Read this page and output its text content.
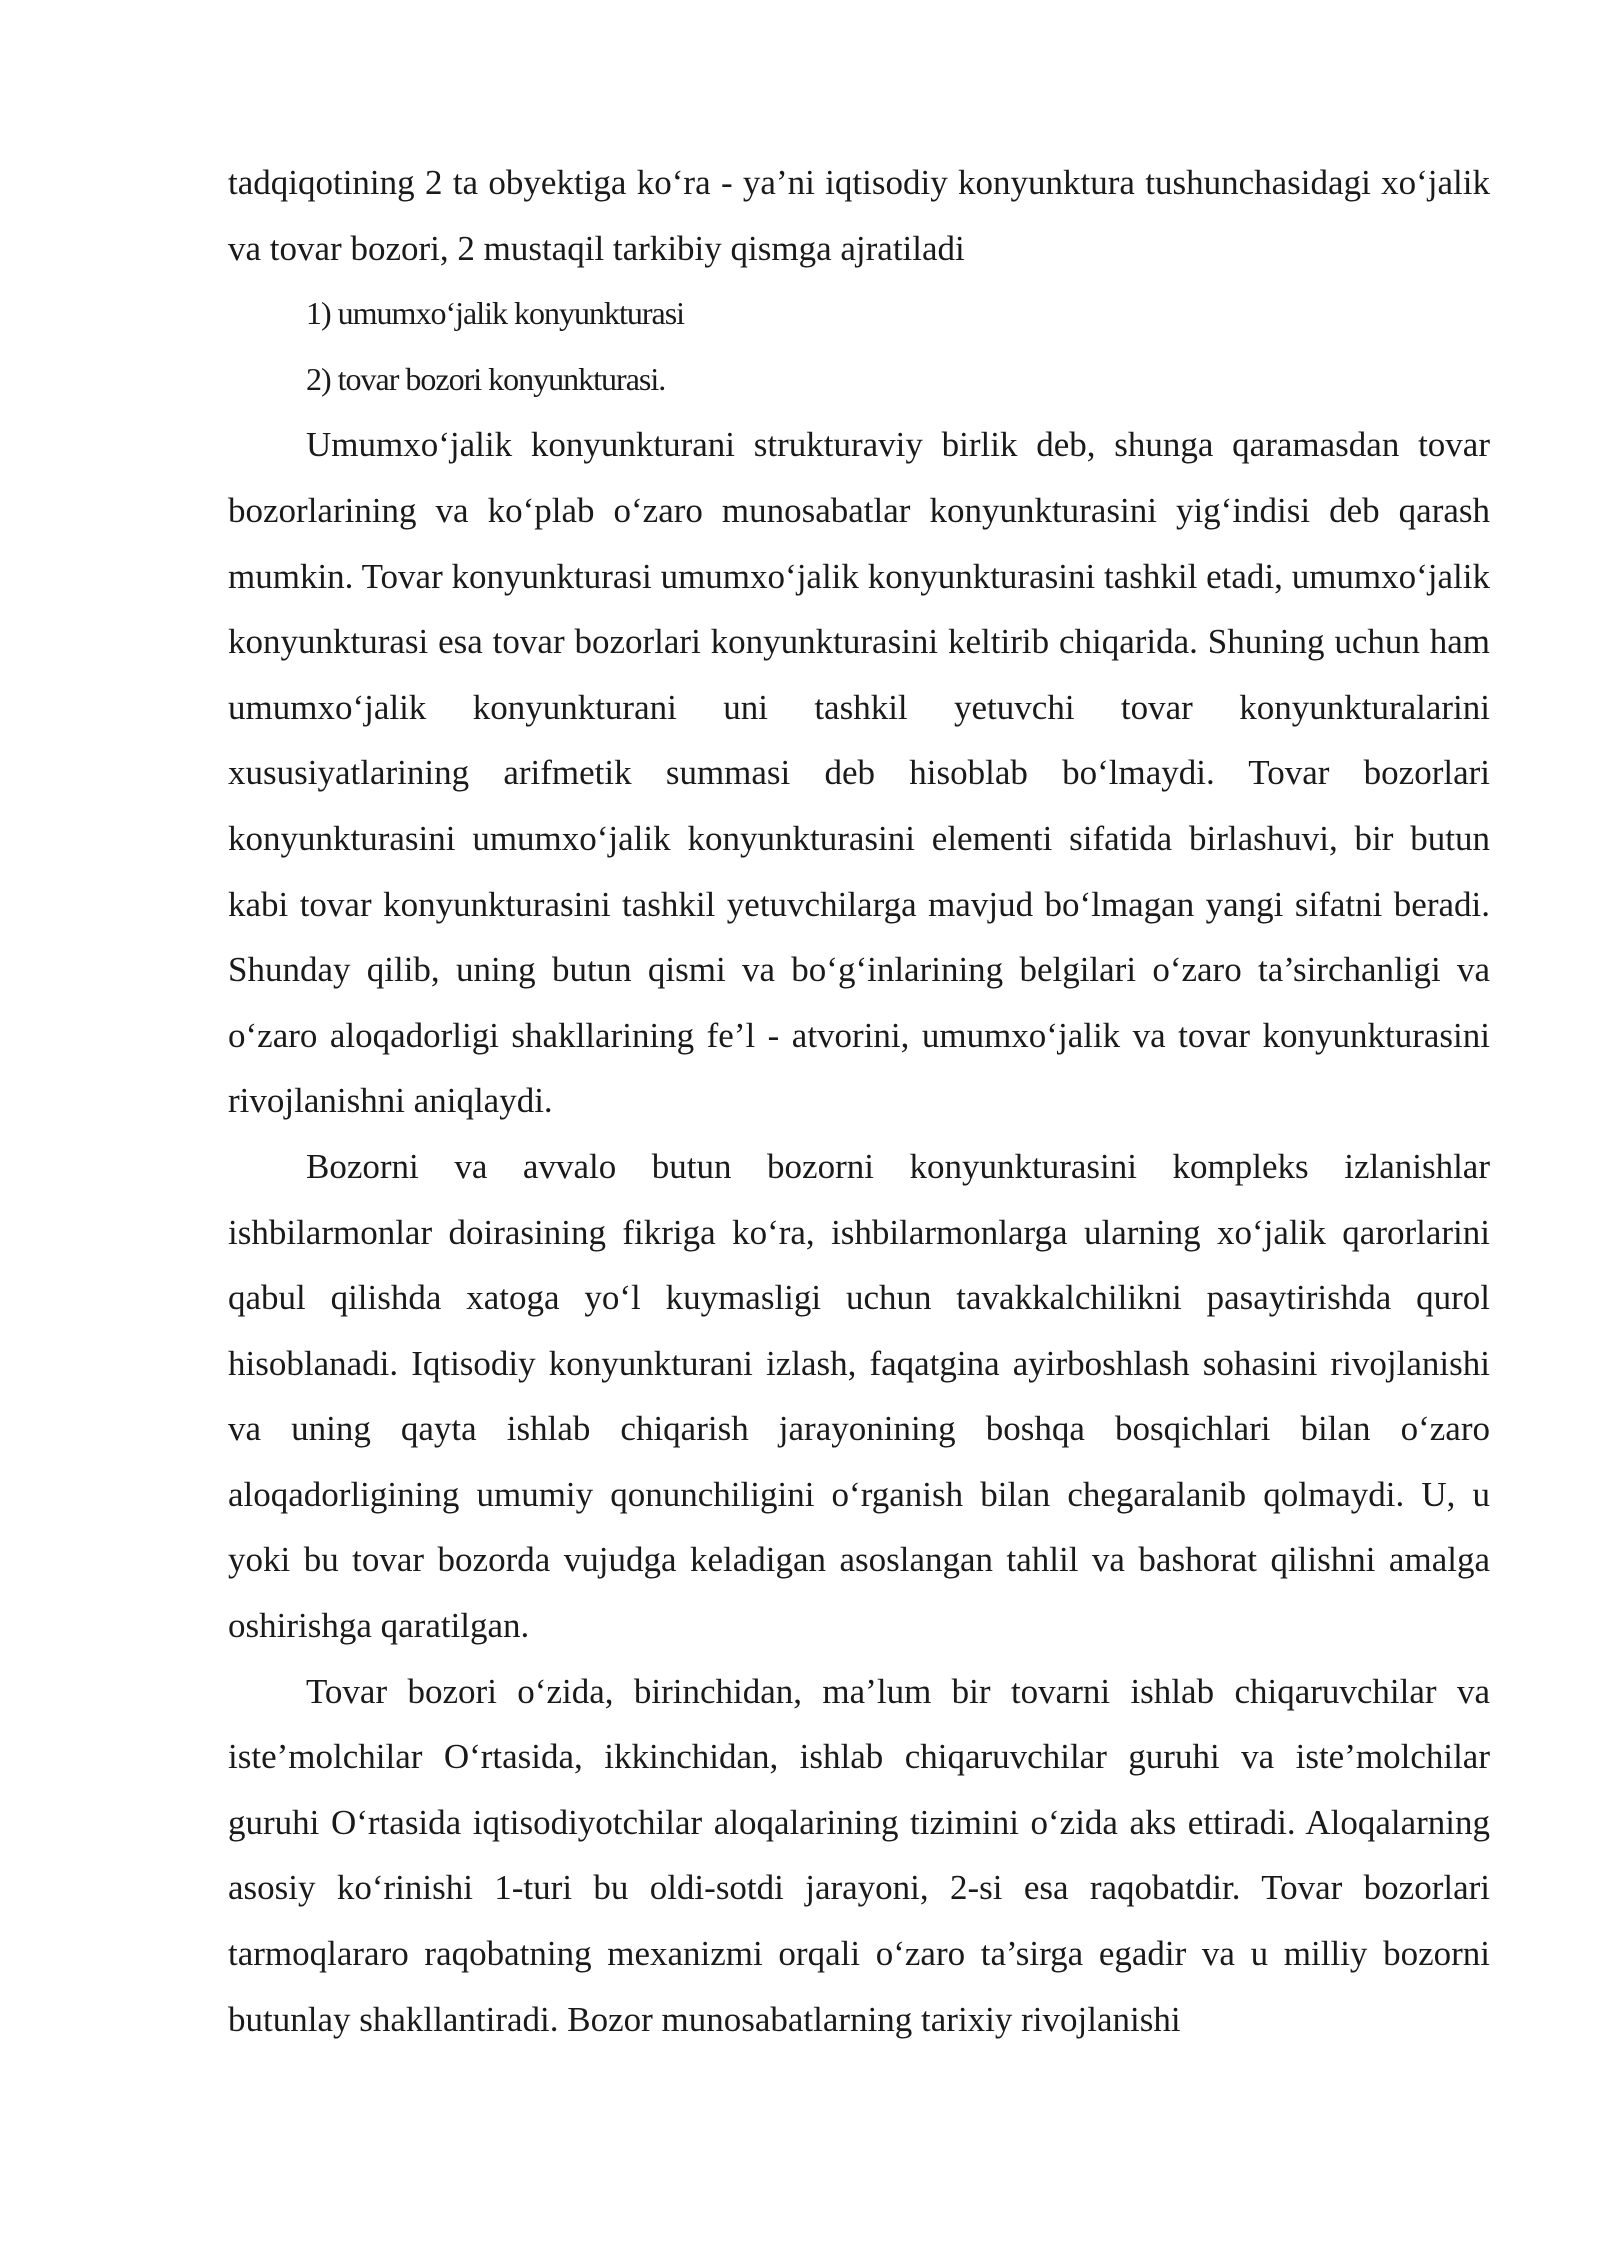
tadqiqotining 2 ta obyektiga ko‘ra - ya’ni iqtisodiy konyunktura tushunchasidagi xo‘jalik va tovar bozori, 2 mustaqil tarkibiy qismga ajratiladi

1) umumxo‘jalik konyunkturasi

2) tovar bozori konyunkturasi.

Umumxo‘jalik konyunkturani strukturaviy birlik deb, shunga qaramasdan tovar bozorlarining va ko‘plab o‘zaro munosabatlar konyunkturasini yig‘indisi deb qarash mumkin. Tovar konyunkturasi umumxo‘jalik konyunkturasini tashkil etadi, umumxo‘jalik konyunkturasi esa tovar bozorlari konyunkturasini keltirib chiqarida. Shuning uchun ham umumxo‘jalik konyunkturani uni tashkil yetuvchi tovar konyunkturalarini xususiyatlarining arifmetik summasi deb hisoblab bo‘lmaydi. Tovar bozorlari konyunkturasini umumxo‘jalik konyunkturasini elementi sifatida birlashuvi, bir butun kabi tovar konyunkturasini tashkil yetuvchilarga mavjud bo‘lmagan yangi sifatni beradi. Shunday qilib, uning butun qismi va bo‘g‘inlarining belgilari o‘zaro ta’sirchanligi va o‘zaro aloqadorligi shakllarining fe’l - atvorini, umumxo‘jalik va tovar konyunkturasini rivojlanishni aniqlaydi.

Bozorni va avvalo butun bozorni konyunkturasini kompleks izlanishlar ishbilarmonlar doirasining fikriga ko‘ra, ishbilarmonlarga ularning xo‘jalik qarorlarini qabul qilishda xatoga yo‘l kuymasligi uchun tavakkalchilikni pasaytirishda qurol hisoblanadi. Iqtisodiy konyunkturani izlash, faqatgina ayirboshlash sohasini rivojlanishi va uning qayta ishlab chiqarish jarayonining boshqa bosqichlari bilan o‘zaro aloqadorligining umumiy qonunchiligini o‘rganish bilan chegaralanib qolmaydi. U, u yoki bu tovar bozorda vujudga keladigan asoslangan tahlil va bashorat qilishni amalga oshirishga qaratilgan.

Tovar bozori o‘zida, birinchidan, ma’lum bir tovarni ishlab chiqaruvchilar va iste’molchilar O‘rtasida, ikkinchidan, ishlab chiqaruvchilar guruhi va iste’molchilar guruhi O‘rtasida iqtisodiyotchilar aloqalarining tizimini o‘zida aks ettiradi. Aloqalarning asosiy ko‘rinishi 1-turi bu oldi-sotdi jarayoni, 2-si esa raqobatdir. Tovar bozorlari tarmoqlararo raqobatning mexanizmi orqali o‘zaro ta’sirga egadir va u milliy bozorni butunlay shakllantiradi. Bozor munosabatlarning tarixiy rivojlanishi
